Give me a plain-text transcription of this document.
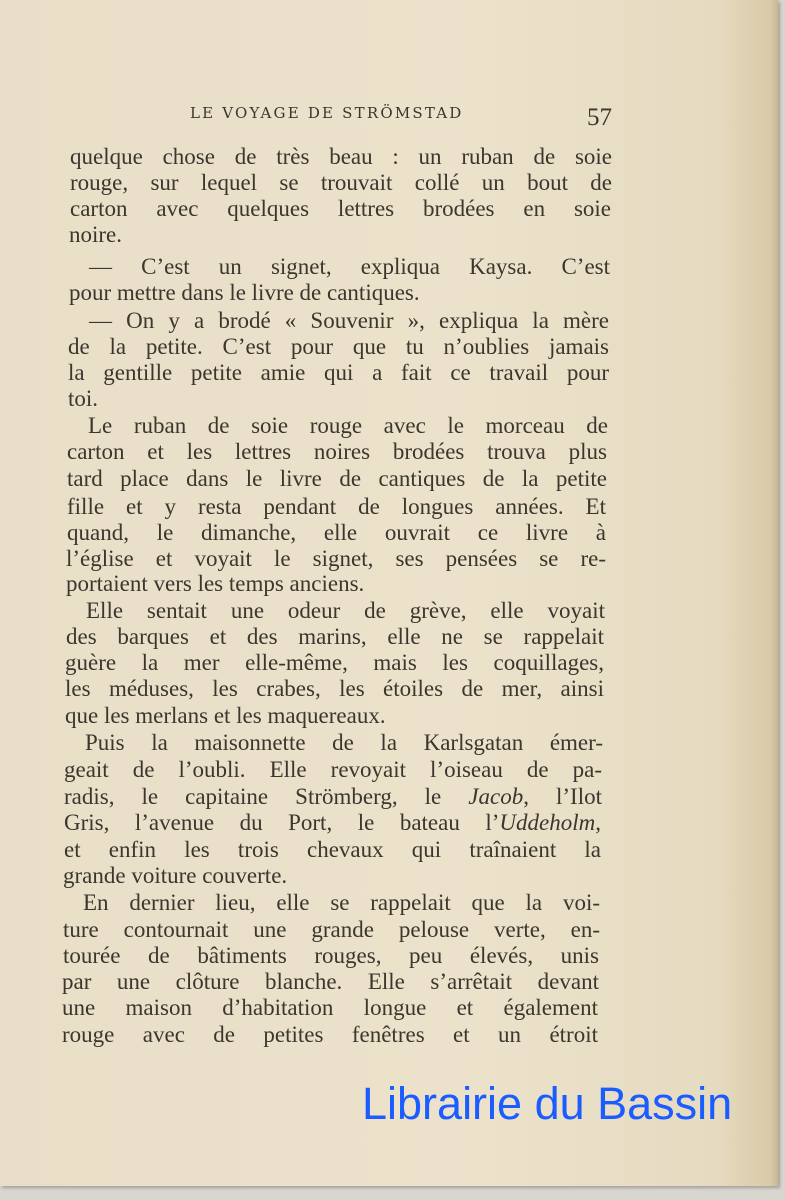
LE VOYAGE DE STRÖMSTAD	57
quelque chose de très beau : un ruban de soie
rouge, sur lequel se trouvait collé un bout de
carton avec quelques lettres brodées en soie
noire.
— C’est un signet, expliqua Kaysa. C’est
pour mettre dans le livre de cantiques.
— On y a brodé « Souvenir », expliqua la mère
de la petite. C’est pour que tu n’oublies jamais
la gentille petite amie qui a fait ce travail pour
toi.
Le ruban de soie rouge avec le morceau de
carton et les lettres noires brodées trouva plus
tard place dans le livre de cantiques de la petite
fille et y resta pendant de longues années. Et
quand, le dimanche, elle ouvrait ce livre à
l’église et voyait le signet, ses pensées se re-
portaient vers les temps anciens.
Elle sentait une odeur de grève, elle voyait
des barques et des marins, elle ne se rappelait
guère la mer elle-même, mais les coquillages,
les méduses, les crabes, les étoiles de mer, ainsi
que les merlans et les maquereaux.
Puis la maisonnette de la Karlsgatan émer-
geait de l’oubli. Elle revoyait l’oiseau de pa-
radis, le capitaine Strömberg, le Jacob, l’Ilot
Gris, l’avenue du Port, le bateau l’Uddeholm,
et enfin les trois chevaux qui traînaient la
grande voiture couverte.
En dernier lieu, elle se rappelait que la voi-
ture contournait une grande pelouse verte, en-
tourée de bâtiments rouges, peu élevés, unis
par une clôture blanche. Elle s’arrêtait devant
une maison d’habitation longue et également
rouge avec de petites fenêtres et un étroit
Librairie du Bassin
